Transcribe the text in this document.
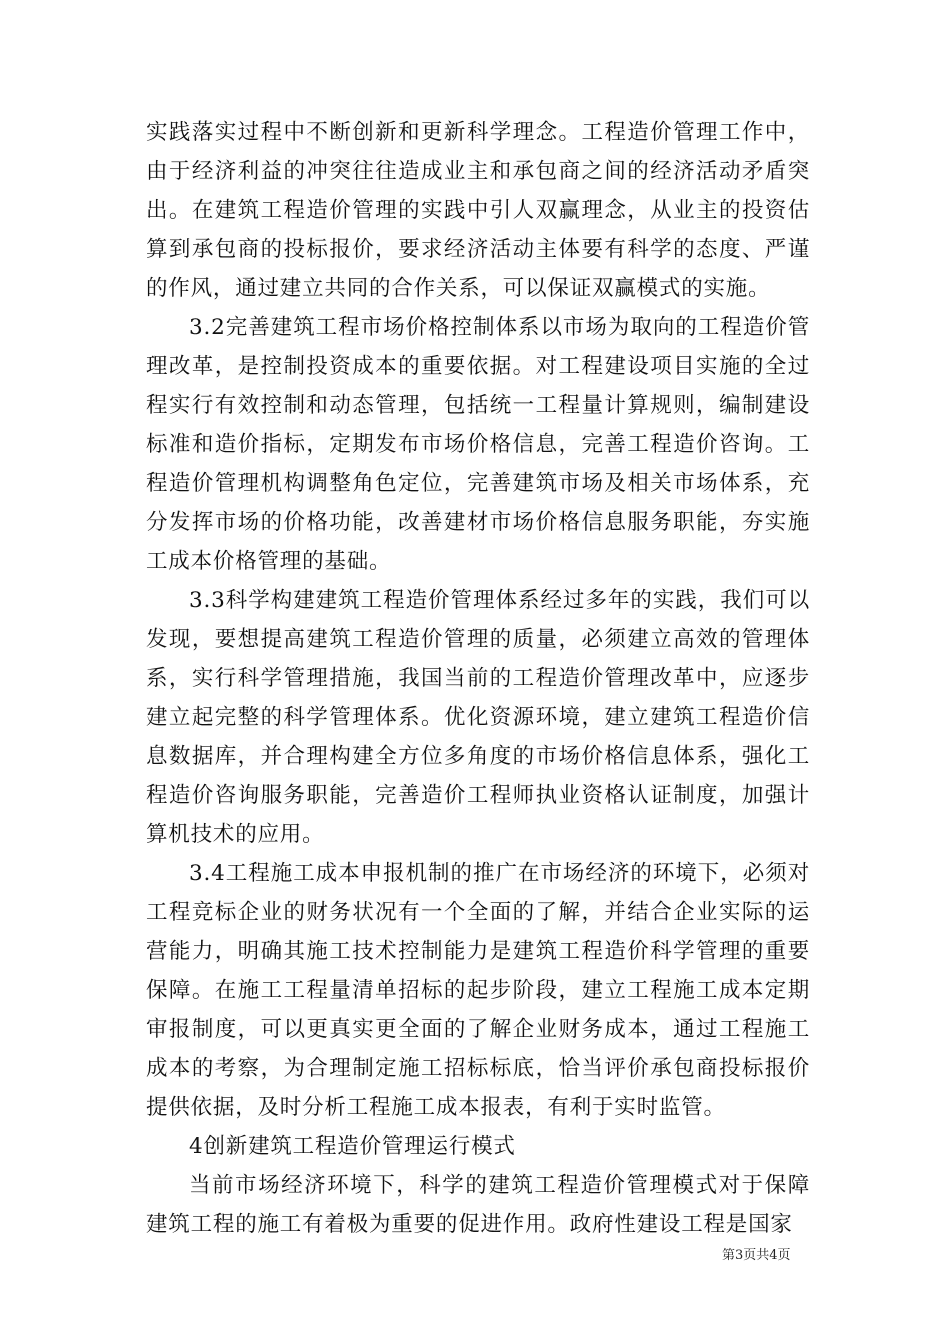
实践落实过程中不断创新和更新科学理念。工程造价管理工作中，由于经济利益的冲突往往造成业主和承包商之间的经济活动矛盾突出。在建筑工程造价管理的实践中引人双赢理念，从业主的投资估算到承包商的投标报价，要求经济活动主体要有科学的态度、严谨的作风，通过建立共同的合作关系，可以保证双赢模式的实施。

3.2完善建筑工程市场价格控制体系以市场为取向的工程造价管理改革，是控制投资成本的重要依据。对工程建设项目实施的全过程实行有效控制和动态管理，包括统一工程量计算规则，编制建设标准和造价指标，定期发布市场价格信息，完善工程造价咨询。工程造价管理机构调整角色定位，完善建筑市场及相关市场体系，充分发挥市场的价格功能，改善建材市场价格信息服务职能，夯实施工成本价格管理的基础。

3.3科学构建建筑工程造价管理体系经过多年的实践，我们可以发现，要想提高建筑工程造价管理的质量，必须建立高效的管理体系，实行科学管理措施，我国当前的工程造价管理改革中，应逐步建立起完整的科学管理体系。优化资源环境，建立建筑工程造价信息数据库，并合理构建全方位多角度的市场价格信息体系，强化工程造价咨询服务职能，完善造价工程师执业资格认证制度，加强计算机技术的应用。

3.4工程施工成本申报机制的推广在市场经济的环境下，必须对工程竞标企业的财务状况有一个全面的了解，并结合企业实际的运营能力，明确其施工技术控制能力是建筑工程造价科学管理的重要保障。在施工工程量清单招标的起步阶段，建立工程施工成本定期审报制度，可以更真实更全面的了解企业财务成本，通过工程施工成本的考察，为合理制定施工招标标底，恰当评价承包商投标报价提供依据，及时分析工程施工成本报表，有利于实时监管。

4创新建筑工程造价管理运行模式

当前市场经济环境下，科学的建筑工程造价管理模式对于保障建筑工程的施工有着极为重要的促进作用。政府性建设工程是国家

第3页共4页
